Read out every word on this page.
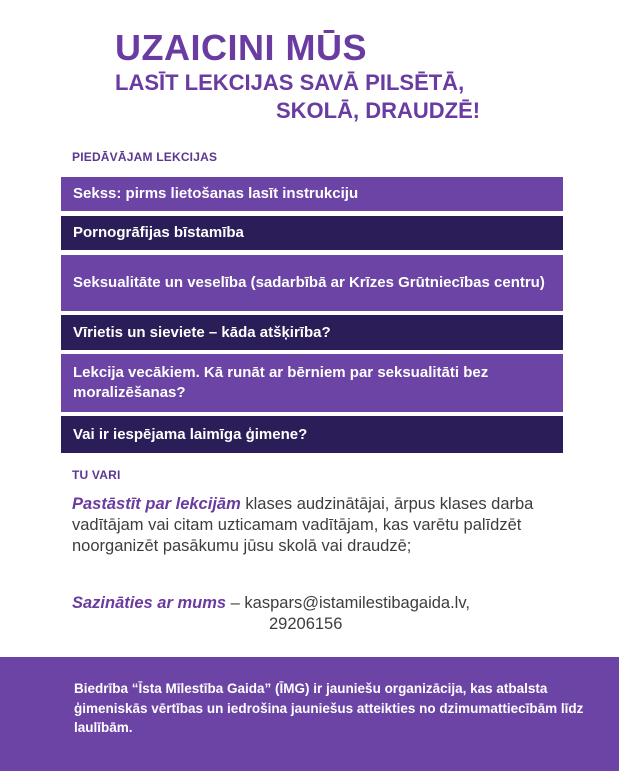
UZAICINI MŪS
LASĪT LEKCIJAS SAVĀ PILSĒTĀ,
SKOLĀ, DRAUDZĒ!
PIEDĀVĀJAM LEKCIJAS
Sekss: pirms lietošanas lasīt instrukciju
Pornogrāfijas bīstamība
Seksualitāte un veselība (sadarbībā ar Krīzes Grūtniecības centru)
Vīrietis un sieviete – kāda atšķirība?
Lekcija vecākiem. Kā runāt ar bērniem par seksualitāti bez moralizēšanas?
Vai ir iespējama laimīga ģimene?
TU VARI
Pastāstīt par lekcijām klases audzinātājai, ārpus klases darba vadītājam vai citam uzticamam vadītājam, kas varētu palīdzēt noorganizēt pasākumu jūsu skolā vai draudzē;
Sazināties ar mums – kaspars@istamilestibagaida.lv,
29206156
Biedrība “Īsta Mīlestība Gaida” (ĪMG) ir jauniešu organizācija, kas atbalsta ģimeniskās vērtības un iedrošina jauniešus atteikties no dzimumattiecībām līdz laulībām.
